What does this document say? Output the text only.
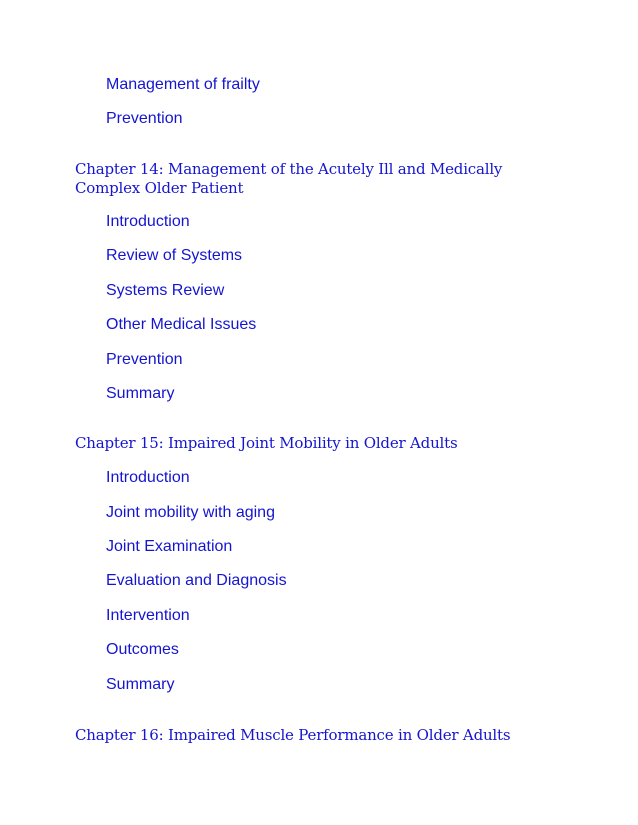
Management of frailty
Prevention
Chapter 14: Management of the Acutely Ill and Medically Complex Older Patient
Introduction
Review of Systems
Systems Review
Other Medical Issues
Prevention
Summary
Chapter 15: Impaired Joint Mobility in Older Adults
Introduction
Joint mobility with aging
Joint Examination
Evaluation and Diagnosis
Intervention
Outcomes
Summary
Chapter 16: Impaired Muscle Performance in Older Adults
